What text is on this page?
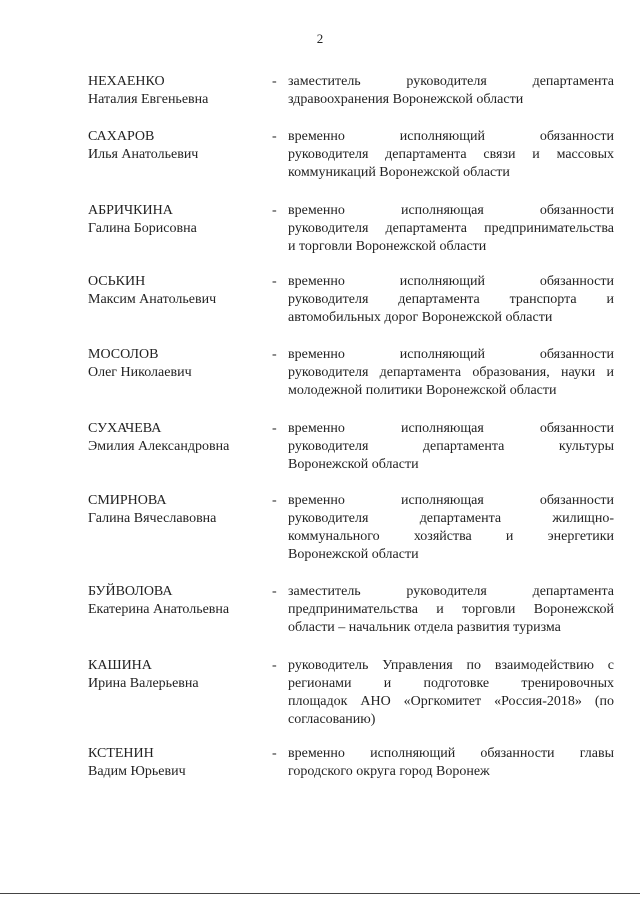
2
НЕХАЕНКО
Наталия Евгеньевна
- заместитель руководителя департамента
здравоохранения Воронежской области
САХАРОВ
Илья Анатольевич
- временно исполняющий обязанности
руководителя департамента связи и массовых
коммуникаций Воронежской области
АБРИЧКИНА
Галина Борисовна
- временно исполняющая обязанности
руководителя департамента предпринимательства
и торговли Воронежской области
ОСЬКИН
Максим Анатольевич
- временно исполняющий обязанности
руководителя департамента транспорта и
автомобильных дорог Воронежской области
МОСОЛОВ
Олег Николаевич
- временно исполняющий обязанности
руководителя департамента образования, науки и
молодежной политики Воронежской области
СУХАЧЕВА
Эмилия Александровна
- временно исполняющая обязанности
руководителя департамента культуры
Воронежской области
СМИРНОВА
Галина Вячеславовна
- временно исполняющая обязанности
руководителя департамента жилищно-
коммунального хозяйства и энергетики
Воронежской области
БУЙВОЛОВА
Екатерина Анатольевна
- заместитель руководителя департамента
предпринимательства и торговли Воронежской
области – начальник отдела развития туризма
КАШИНА
Ирина Валерьевна
- руководитель Управления по взаимодействию с
регионами и подготовке тренировочных
площадок АНО «Оргкомитет «Россия-2018» (по
согласованию)
КСТЕНИН
Вадим Юрьевич
- временно исполняющий обязанности главы
городского округа город Воронеж
